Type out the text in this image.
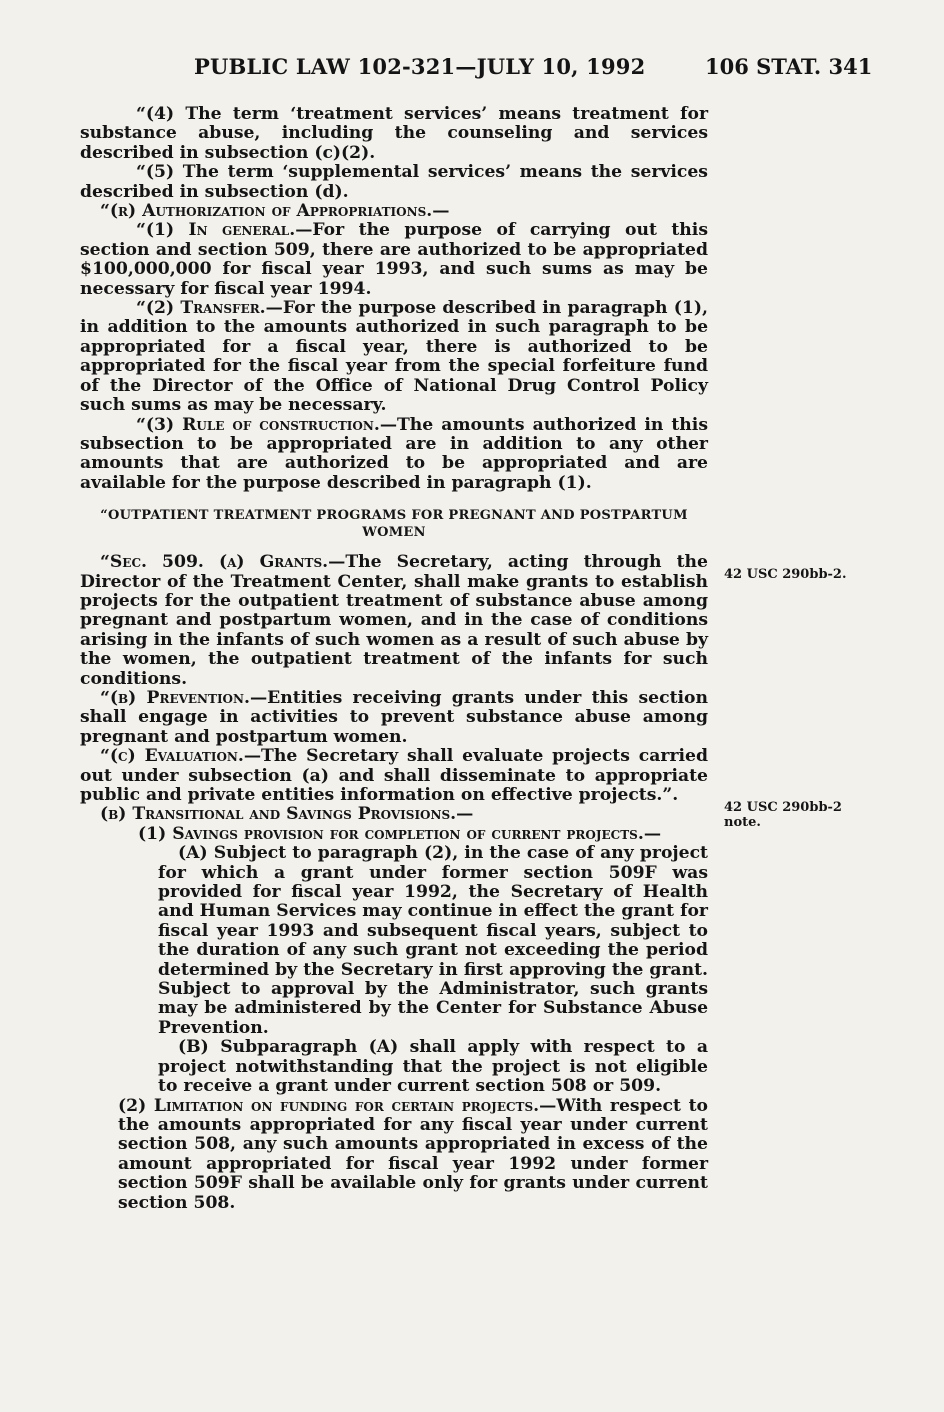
PUBLIC LAW 102-321—JULY 10, 1992	106 STAT. 341

“(4) The term ‘treatment services’ means treatment for substance abuse, including the counseling and services described in subsection (c)(2).

“(5) The term ‘supplemental services’ means the services described in subsection (d).

“(r) Authorization of Appropriations.—

“(1) In general.—For the purpose of carrying out this section and section 509, there are authorized to be appropriated $100,000,000 for fiscal year 1993, and such sums as may be necessary for fiscal year 1994.

“(2) Transfer.—For the purpose described in paragraph (1), in addition to the amounts authorized in such paragraph to be appropriated for a fiscal year, there is authorized to be appropriated for the fiscal year from the special forfeiture fund of the Director of the Office of National Drug Control Policy such sums as may be necessary.

“(3) Rule of construction.—The amounts authorized in this subsection to be appropriated are in addition to any other amounts that are authorized to be appropriated and are available for the purpose described in paragraph (1).

“OUTPATIENT TREATMENT PROGRAMS FOR PREGNANT AND POSTPARTUM WOMEN

“Sec. 509. (a) Grants.—The Secretary, acting through the Director of the Treatment Center, shall make grants to establish projects for the outpatient treatment of substance abuse among pregnant and postpartum women, and in the case of conditions arising in the infants of such women as a result of such abuse by the women, the outpatient treatment of the infants for such conditions.

“(b) Prevention.—Entities receiving grants under this section shall engage in activities to prevent substance abuse among pregnant and postpartum women.

“(c) Evaluation.—The Secretary shall evaluate projects carried out under subsection (a) and shall disseminate to appropriate public and private entities information on effective projects.”.

(b) Transitional and Savings Provisions.—

(1) Savings provision for completion of current projects.—

(A) Subject to paragraph (2), in the case of any project for which a grant under former section 509F was provided for fiscal year 1992, the Secretary of Health and Human Services may continue in effect the grant for fiscal year 1993 and subsequent fiscal years, subject to the duration of any such grant not exceeding the period determined by the Secretary in first approving the grant. Subject to approval by the Administrator, such grants may be administered by the Center for Substance Abuse Prevention.

(B) Subparagraph (A) shall apply with respect to a project notwithstanding that the project is not eligible to receive a grant under current section 508 or 509.

(2) Limitation on funding for certain projects.—With respect to the amounts appropriated for any fiscal year under current section 508, any such amounts appropriated in excess of the amount appropriated for fiscal year 1992 under former section 509F shall be available only for grants under current section 508.

42 USC 290bb-2.
42 USC 290bb-2 note.
